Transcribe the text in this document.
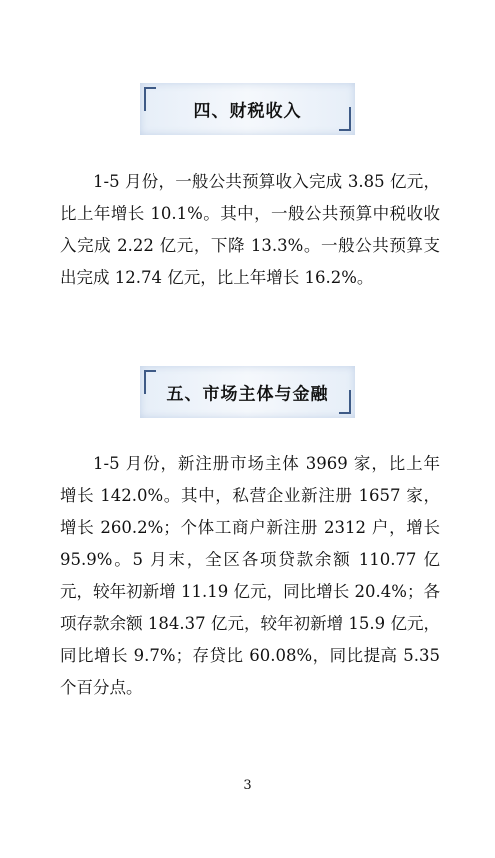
四、财税收入
1-5 月份，一般公共预算收入完成 3.85 亿元，比上年增长 10.1%。其中，一般公共预算中税收收入完成 2.22 亿元，下降 13.3%。一般公共预算支出完成 12.74 亿元，比上年增长 16.2%。
五、市场主体与金融
1-5 月份，新注册市场主体 3969 家，比上年增长 142.0%。其中，私营企业新注册 1657 家，增长 260.2%；个体工商户新注册 2312 户，增长 95.9%。5 月末，全区各项贷款余额 110.77 亿元，较年初新增 11.19 亿元，同比增长 20.4%；各项存款余额 184.37 亿元，较年初新增 15.9 亿元，同比增长 9.7%；存贷比 60.08%，同比提高 5.35 个百分点。
3
